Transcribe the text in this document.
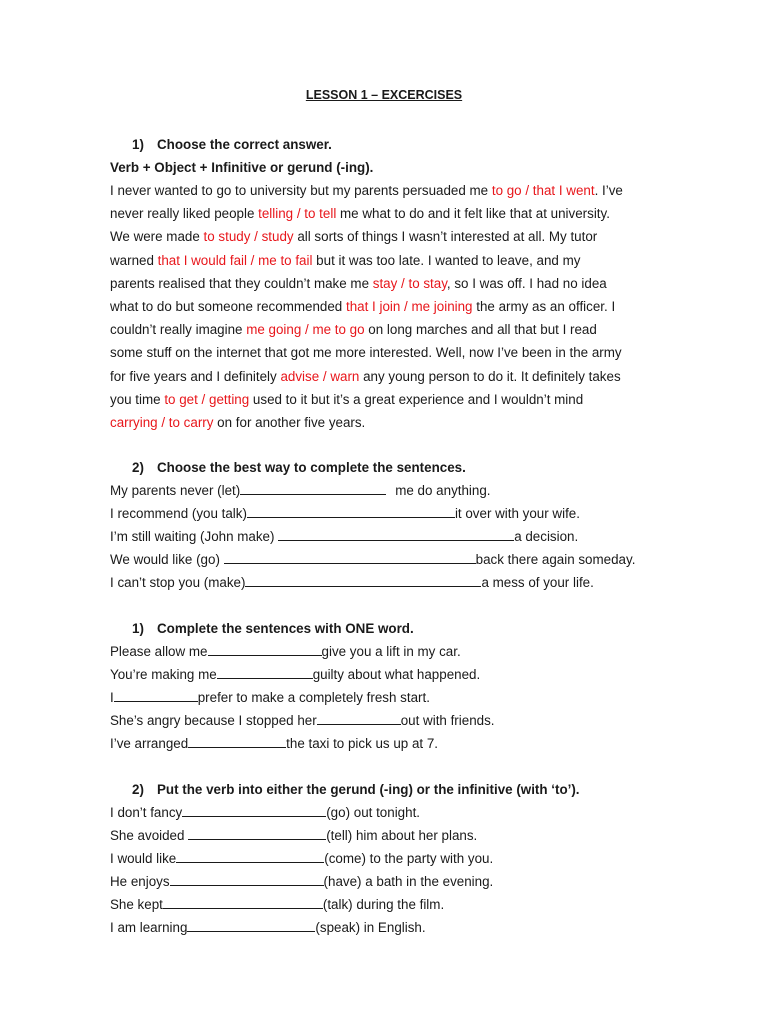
LESSON 1 – EXCERCISES
1) Choose the correct answer.
Verb + Object + Infinitive or gerund (-ing).
I never wanted to go to university but my parents persuaded me to go / that I went. I’ve
never really liked people telling / to tell me what to do and it felt like that at university.
We were made to study / study all sorts of things I wasn’t interested at all. My tutor
warned that I would fail / me to fail but it was too late. I wanted to leave, and my
parents realised that they couldn’t make me stay / to stay, so I was off. I had no idea
what to do but someone recommended that I join / me joining the army as an officer. I
couldn’t really imagine me going / me to go on long marches and all that but I read
some stuff on the internet that got me more interested. Well, now I’ve been in the army
for five years and I definitely advise / warn any young person to do it. It definitely takes
you time to get / getting used to it but it’s a great experience and I wouldn’t mind
carrying / to carry on for another five years.
2) Choose the best way to complete the sentences.
My parents never (let)	me do anything.
I recommend (you talk)	it over with your wife.
I’m still waiting (John make)	a decision.
We would like (go)	back there again someday.
I can’t stop you (make)	a mess of your life.
1) Complete the sentences with ONE word.
Please allow me	give you a lift in my car.
You’re making me	guilty about what happened.
I	prefer to make a completely fresh start.
She’s angry because I stopped her	out with friends.
I’ve arranged	the taxi to pick us up at 7.
2) Put the verb into either the gerund (-ing) or the infinitive (with ‘to’).
I don’t fancy	(go) out tonight.
She avoided	(tell) him about her plans.
I would like	(come) to the party with you.
He enjoys	(have) a bath in the evening.
She kept	(talk) during the film.
I am learning	(speak) in English.
